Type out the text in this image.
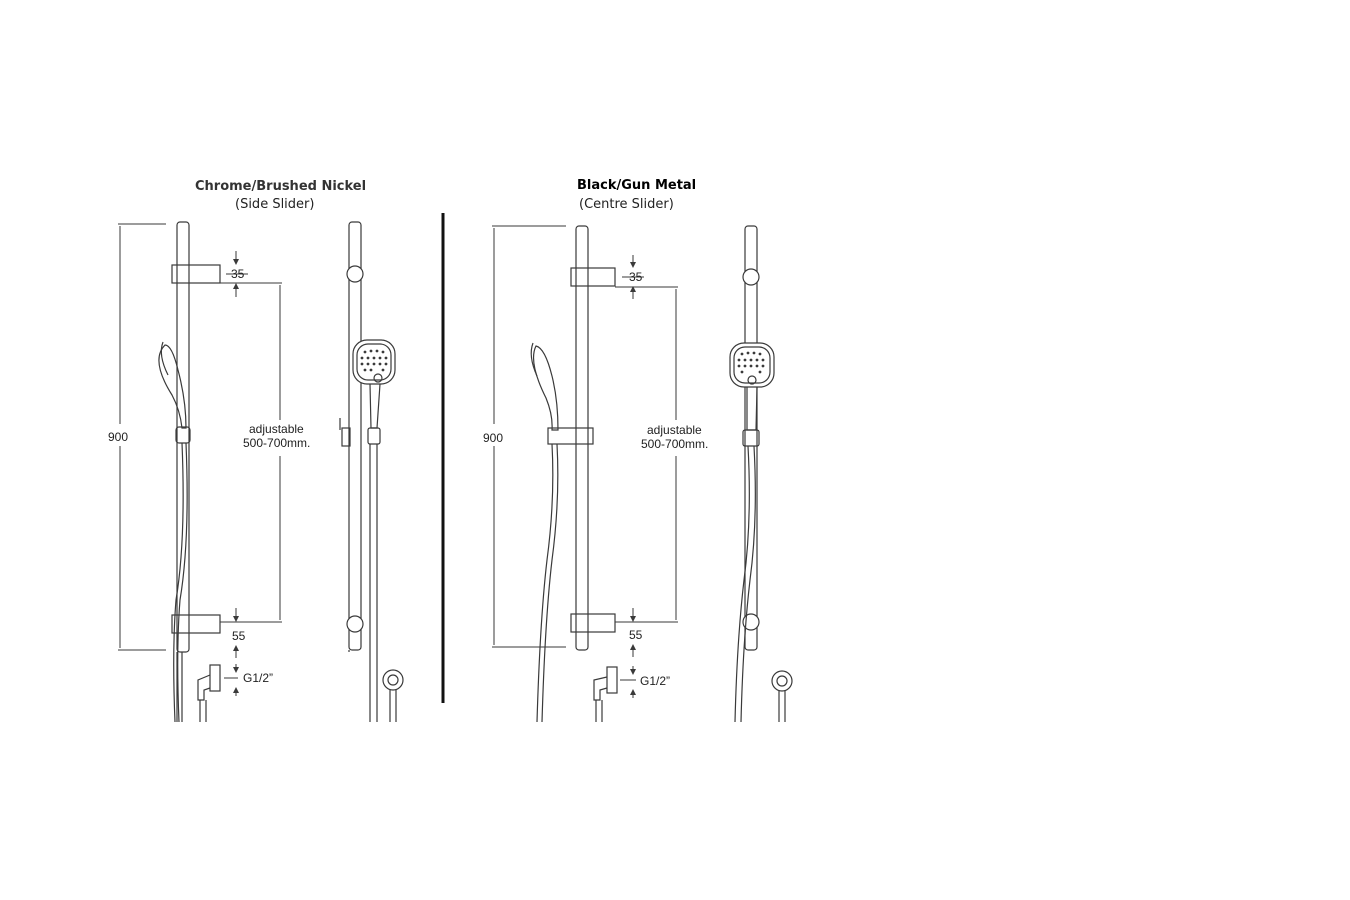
Chrome/Brushed Nickel
(Side Slider)
Black/Gun Metal
(Centre Slider)
900
35
55
adjustable
500-700mm.
G1/2”
900
35
55
adjustable
500-700mm.
G1/2”
